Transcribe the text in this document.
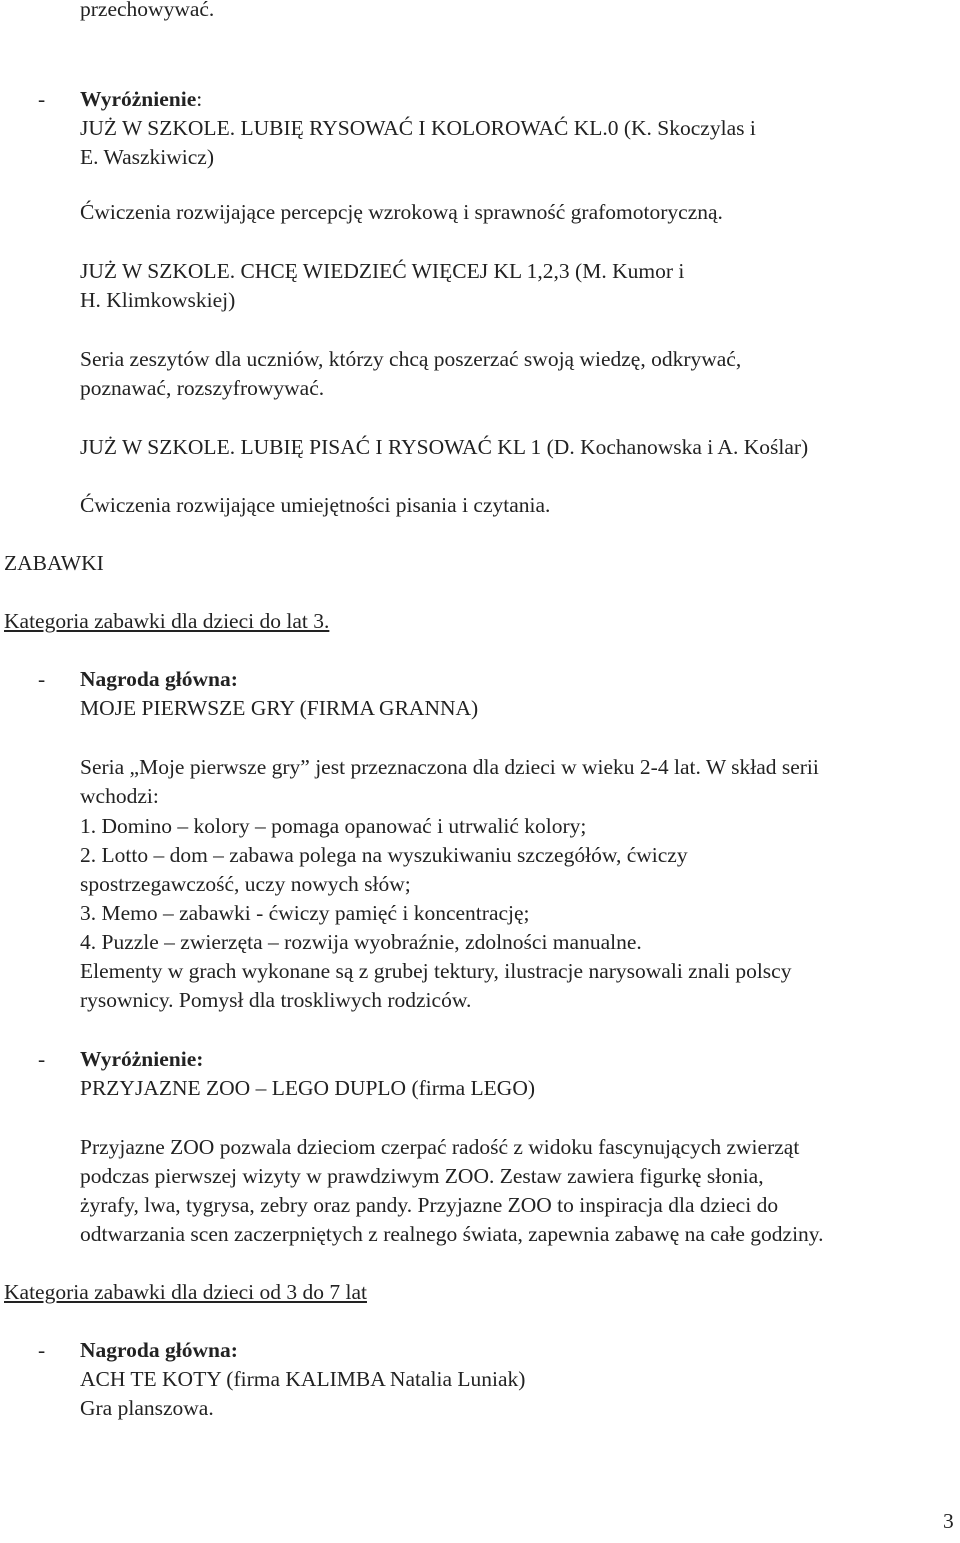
przechowywać.
- Wyróżnienie:
JUŻ W SZKOLE. LUBIĘ RYSOWAĆ I KOLOROWAĆ KL.0 (K. Skoczylas i
E. Waszkiwicz)
Ćwiczenia rozwijające percepcję wzrokową i sprawność grafomotoryczną.
JUŻ W SZKOLE. CHCĘ WIEDZIEĆ WIĘCEJ KL 1,2,3 (M. Kumor i
H. Klimkowskiej)
Seria zeszytów dla uczniów, którzy chcą poszerzać swoją wiedzę, odkrywać,
poznawać, rozszyfrowywać.
JUŻ W SZKOLE. LUBIĘ PISAĆ I RYSOWAĆ KL 1 (D. Kochanowska i A. Koślar)
Ćwiczenia rozwijające umiejętności pisania i czytania.
ZABAWKI
Kategoria zabawki dla dzieci do lat 3.
- Nagroda główna:
MOJE PIERWSZE GRY (FIRMA GRANNA)
Seria „Moje pierwsze gry” jest przeznaczona dla dzieci w wieku 2-4 lat. W skład serii
wchodzi:
1. Domino – kolory – pomaga opanować i utrwalić kolory;
2. Lotto – dom – zabawa polega na wyszukiwaniu szczegółów, ćwiczy
spostrzegawczość, uczy nowych słów;
3. Memo – zabawki - ćwiczy pamięć i koncentrację;
4. Puzzle – zwierzęta – rozwija wyobraźnie, zdolności manualne.
Elementy w grach wykonane są z grubej tektury, ilustracje narysowali znali polscy
rysownicy. Pomysł dla troskliwych rodziców.
- Wyróżnienie:
PRZYJAZNE ZOO – LEGO DUPLO (firma LEGO)
Przyjazne ZOO pozwala dzieciom czerpać radość z widoku fascynujących zwierząt
podczas pierwszej wizyty w prawdziwym ZOO. Zestaw zawiera figurkę słonia,
żyrafy, lwa, tygrysa, zebry oraz pandy. Przyjazne ZOO to inspiracja dla dzieci do
odtwarzania scen zaczerpniętych z realnego świata, zapewnia zabawę na całe godziny.
Kategoria zabawki dla dzieci od 3 do 7 lat
- Nagroda główna:
ACH TE KOTY (firma KALIMBA Natalia Luniak)
Gra planszowa.
3
